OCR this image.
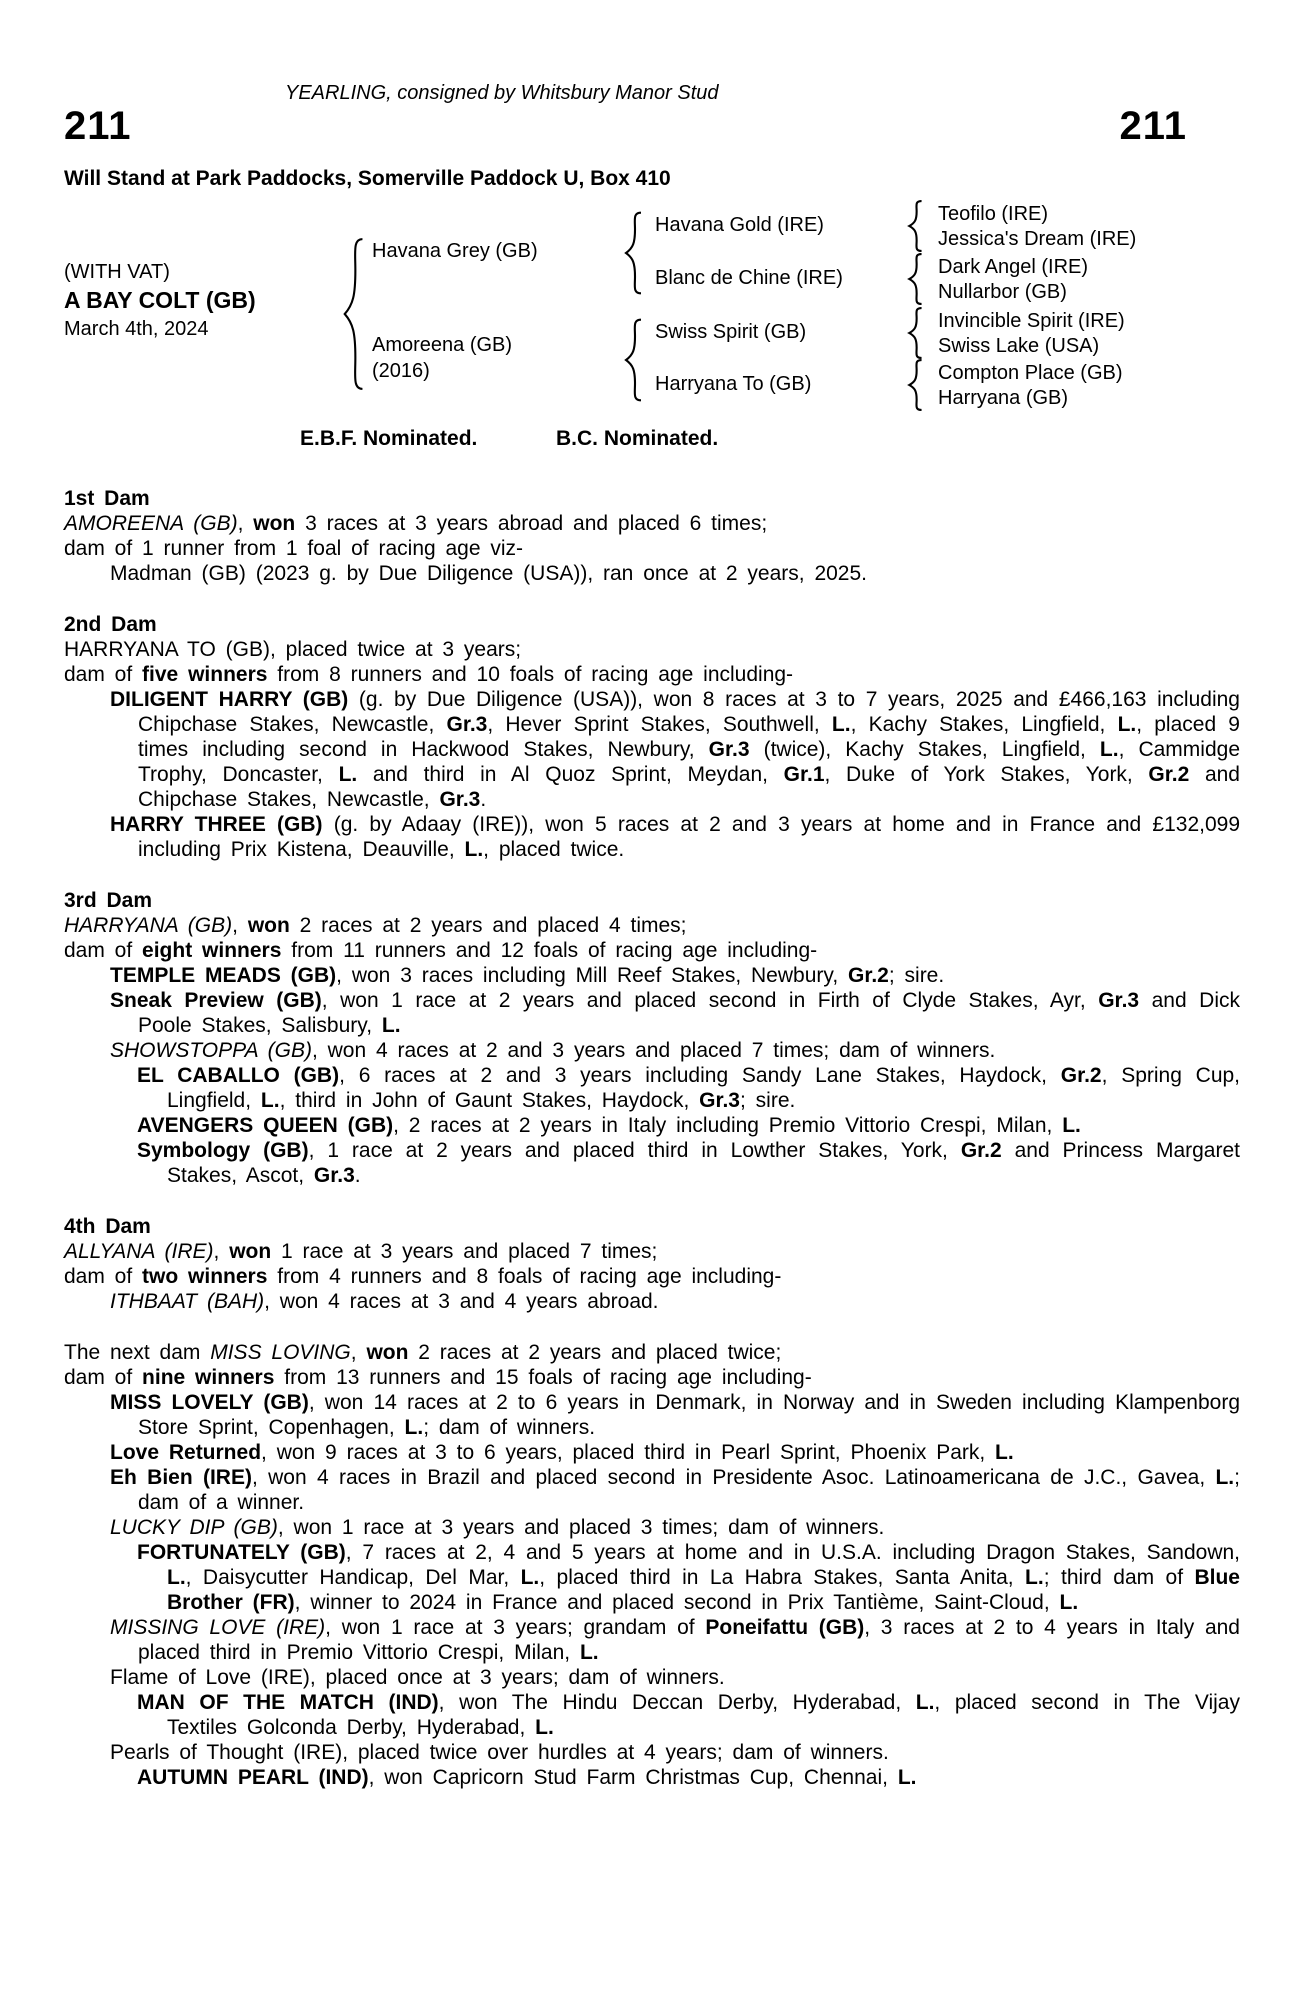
YEARLING, consigned by Whitsbury Manor Stud
211	211
Will Stand at Park Paddocks, Somerville Paddock U, Box 410
(WITH VAT)
A BAY COLT (GB)
March 4th, 2024
Havana Grey (GB)
Amoreena (GB)
(2016)
Havana Gold (IRE)
Blanc de Chine (IRE)
Swiss Spirit (GB)
Harryana To (GB)
Teofilo (IRE)
Jessica's Dream (IRE)
Dark Angel (IRE)
Nullarbor (GB)
Invincible Spirit (IRE)
Swiss Lake (USA)
Compton Place (GB)
Harryana (GB)
E.B.F. Nominated.	B.C. Nominated.
1st Dam
AMOREENA (GB), won 3 races at 3 years abroad and placed 6 times;
dam of 1 runner from 1 foal of racing age viz-
Madman (GB) (2023 g. by Due Diligence (USA)), ran once at 2 years, 2025.
2nd Dam
HARRYANA TO (GB), placed twice at 3 years;
dam of five winners from 8 runners and 10 foals of racing age including-
DILIGENT HARRY (GB) (g. by Due Diligence (USA)), won 8 races at 3 to 7 years, 2025 and £466,163 including Chipchase Stakes, Newcastle, Gr.3, Hever Sprint Stakes, Southwell, L., Kachy Stakes, Lingfield, L., placed 9 times including second in Hackwood Stakes, Newbury, Gr.3 (twice), Kachy Stakes, Lingfield, L., Cammidge Trophy, Doncaster, L. and third in Al Quoz Sprint, Meydan, Gr.1, Duke of York Stakes, York, Gr.2 and Chipchase Stakes, Newcastle, Gr.3.
HARRY THREE (GB) (g. by Adaay (IRE)), won 5 races at 2 and 3 years at home and in France and £132,099 including Prix Kistena, Deauville, L., placed twice.
3rd Dam
HARRYANA (GB), won 2 races at 2 years and placed 4 times;
dam of eight winners from 11 runners and 12 foals of racing age including-
TEMPLE MEADS (GB), won 3 races including Mill Reef Stakes, Newbury, Gr.2; sire.
Sneak Preview (GB), won 1 race at 2 years and placed second in Firth of Clyde Stakes, Ayr, Gr.3 and Dick Poole Stakes, Salisbury, L.
SHOWSTOPPA (GB), won 4 races at 2 and 3 years and placed 7 times; dam of winners.
EL CABALLO (GB), 6 races at 2 and 3 years including Sandy Lane Stakes, Haydock, Gr.2, Spring Cup, Lingfield, L., third in John of Gaunt Stakes, Haydock, Gr.3; sire.
AVENGERS QUEEN (GB), 2 races at 2 years in Italy including Premio Vittorio Crespi, Milan, L.
Symbology (GB), 1 race at 2 years and placed third in Lowther Stakes, York, Gr.2 and Princess Margaret Stakes, Ascot, Gr.3.
4th Dam
ALLYANA (IRE), won 1 race at 3 years and placed 7 times;
dam of two winners from 4 runners and 8 foals of racing age including-
ITHBAAT (BAH), won 4 races at 3 and 4 years abroad.
The next dam MISS LOVING, won 2 races at 2 years and placed twice;
dam of nine winners from 13 runners and 15 foals of racing age including-
MISS LOVELY (GB), won 14 races at 2 to 6 years in Denmark, in Norway and in Sweden including Klampenborg Store Sprint, Copenhagen, L.; dam of winners.
Love Returned, won 9 races at 3 to 6 years, placed third in Pearl Sprint, Phoenix Park, L.
Eh Bien (IRE), won 4 races in Brazil and placed second in Presidente Asoc. Latinoamericana de J.C., Gavea, L.; dam of a winner.
LUCKY DIP (GB), won 1 race at 3 years and placed 3 times; dam of winners.
FORTUNATELY (GB), 7 races at 2, 4 and 5 years at home and in U.S.A. including Dragon Stakes, Sandown, L., Daisycutter Handicap, Del Mar, L., placed third in La Habra Stakes, Santa Anita, L.; third dam of Blue Brother (FR), winner to 2024 in France and placed second in Prix Tantième, Saint-Cloud, L.
MISSING LOVE (IRE), won 1 race at 3 years; grandam of Poneifattu (GB), 3 races at 2 to 4 years in Italy and placed third in Premio Vittorio Crespi, Milan, L.
Flame of Love (IRE), placed once at 3 years; dam of winners.
MAN OF THE MATCH (IND), won The Hindu Deccan Derby, Hyderabad, L., placed second in The Vijay Textiles Golconda Derby, Hyderabad, L.
Pearls of Thought (IRE), placed twice over hurdles at 4 years; dam of winners.
AUTUMN PEARL (IND), won Capricorn Stud Farm Christmas Cup, Chennai, L.
